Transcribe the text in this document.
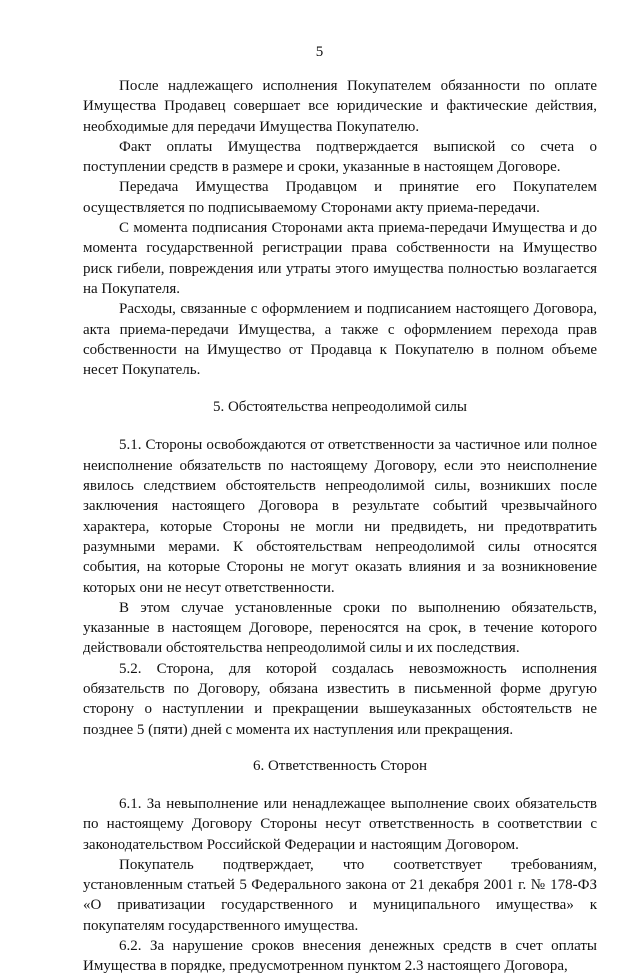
5

После надлежащего исполнения Покупателем обязанности по оплате Имущества Продавец совершает все юридические и фактические действия, необходимые для передачи Имущества Покупателю.

Факт оплаты Имущества подтверждается выпиской со счета о поступлении средств в размере и сроки, указанные в настоящем Договоре.

Передача Имущества Продавцом и принятие его Покупателем осуществляется по подписываемому Сторонами акту приема-передачи.

С момента подписания Сторонами акта приема-передачи Имущества и до момента государственной регистрации права собственности на Имущество риск гибели, повреждения или утраты этого имущества полностью возлагается на Покупателя.

Расходы, связанные с оформлением и подписанием настоящего Договора, акта приема-передачи Имущества, а также с оформлением перехода прав собственности на Имущество от Продавца к Покупателю в полном объеме несет Покупатель.

5. Обстоятельства непреодолимой силы

5.1. Стороны освобождаются от ответственности за частичное или полное неисполнение обязательств по настоящему Договору, если это неисполнение явилось следствием обстоятельств непреодолимой силы, возникших после заключения настоящего Договора в результате событий чрезвычайного характера, которые Стороны не могли ни предвидеть, ни предотвратить разумными мерами. К обстоятельствам непреодолимой силы относятся события, на которые Стороны не могут оказать влияния и за возникновение которых они не несут ответственности.

В этом случае установленные сроки по выполнению обязательств, указанные в настоящем Договоре, переносятся на срок, в течение которого действовали обстоятельства непреодолимой силы и их последствия.

5.2. Сторона, для которой создалась невозможность исполнения обязательств по Договору, обязана известить в письменной форме другую сторону о наступлении и прекращении вышеуказанных обстоятельств не позднее 5 (пяти) дней с момента их наступления или прекращения.

6. Ответственность Сторон

6.1. За невыполнение или ненадлежащее выполнение своих обязательств по настоящему Договору Стороны несут ответственность в соответствии с законодательством Российской Федерации и настоящим Договором.

Покупатель подтверждает, что соответствует требованиям, установленным статьей 5 Федерального закона от 21 декабря 2001 г. № 178-ФЗ «О приватизации государственного и муниципального имущества» к покупателям государственного имущества.

6.2. За нарушение сроков внесения денежных средств в счет оплаты Имущества в порядке, предусмотренном пунктом 2.3 настоящего Договора,
